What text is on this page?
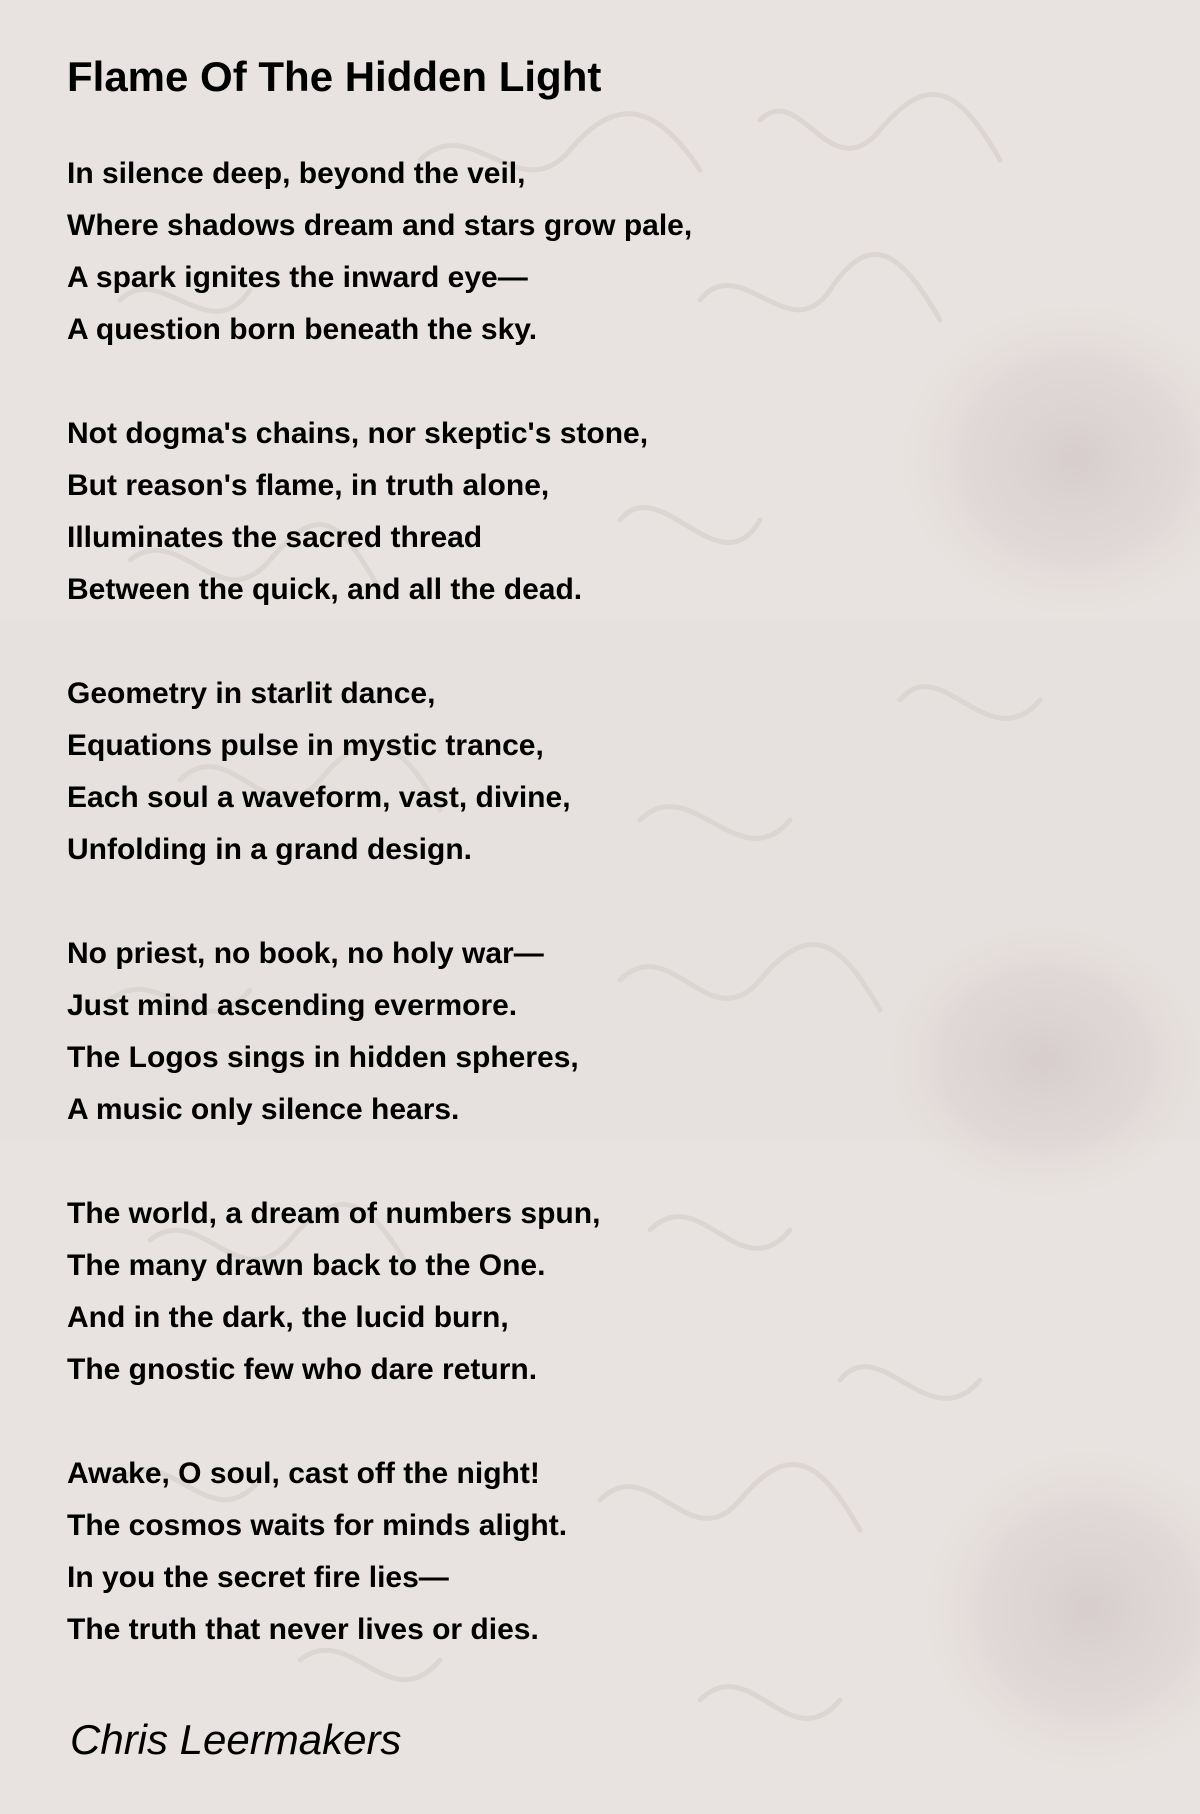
Flame Of The Hidden Light

In silence deep, beyond the veil,

Where shadows dream and stars grow pale,

A spark ignites the inward eye—

A question born beneath the sky.

Not dogma's chains, nor skeptic's stone,

But reason's flame, in truth alone,

Illuminates the sacred thread

Between the quick, and all the dead.

Geometry in starlit dance,

Equations pulse in mystic trance,

Each soul a waveform, vast, divine,

Unfolding in a grand design.

No priest, no book, no holy war—

Just mind ascending evermore.

The Logos sings in hidden spheres,

A music only silence hears.

The world, a dream of numbers spun,

The many drawn back to the One.

And in the dark, the lucid burn,

The gnostic few who dare return.

Awake, O soul, cast off the night!

The cosmos waits for minds alight.

In you the secret fire lies—

The truth that never lives or dies.

Chris Leermakers
